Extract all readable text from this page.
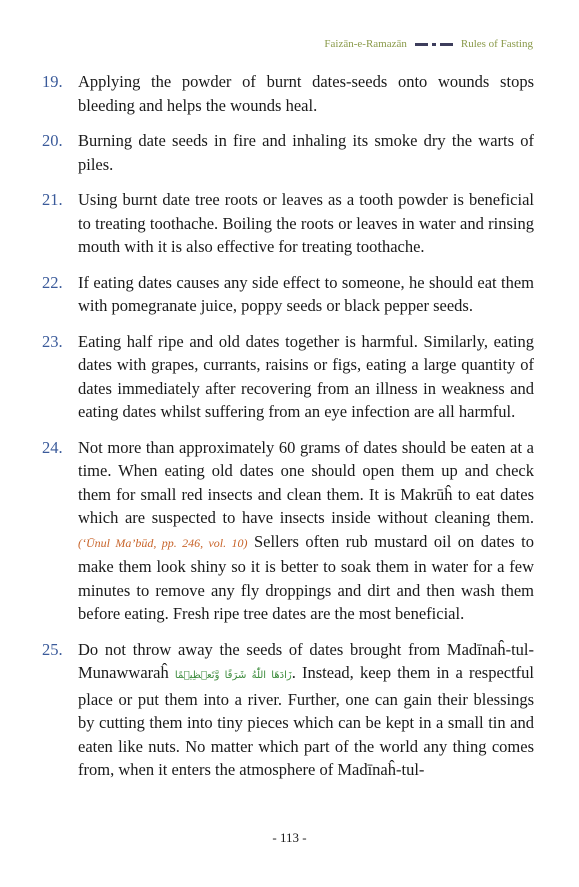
Faizān-e-Ramazān	Rules of Fasting
19. Applying the powder of burnt dates-seeds onto wounds stops bleeding and helps the wounds heal.
20. Burning date seeds in fire and inhaling its smoke dry the warts of piles.
21. Using burnt date tree roots or leaves as a tooth powder is beneficial to treating toothache. Boiling the roots or leaves in water and rinsing mouth with it is also effective for treating toothache.
22. If eating dates causes any side effect to someone, he should eat them with pomegranate juice, poppy seeds or black pepper seeds.
23. Eating half ripe and old dates together is harmful. Similarly, eating dates with grapes, currants, raisins or figs, eating a large quantity of dates immediately after recovering from an illness in weakness and eating dates whilst suffering from an eye infection are all harmful.
24. Not more than approximately 60 grams of dates should be eaten at a time. When eating old dates one should open them up and check them for small red insects and clean them. It is Makrūĥ to eat dates which are suspected to have insects inside without cleaning them. (‘Ūnul Ma’būd, pp. 246, vol. 10) Sellers often rub mustard oil on dates to make them look shiny so it is better to soak them in water for a few minutes to remove any fly droppings and dirt and then wash them before eating. Fresh ripe tree dates are the most beneficial.
25. Do not throw away the seeds of dates brought from Madīnaĥ-tul-Munawwaraĥ زَادَهَا اللّٰهُ شَرَفًا وَّتَعۡظِيۡمًا. Instead, keep them in a respectful place or put them into a river. Further, one can gain their blessings by cutting them into tiny pieces which can be kept in a small tin and eaten like nuts. No matter which part of the world any thing comes from, when it enters the atmosphere of Madīnaĥ-tul-
- 113 -
